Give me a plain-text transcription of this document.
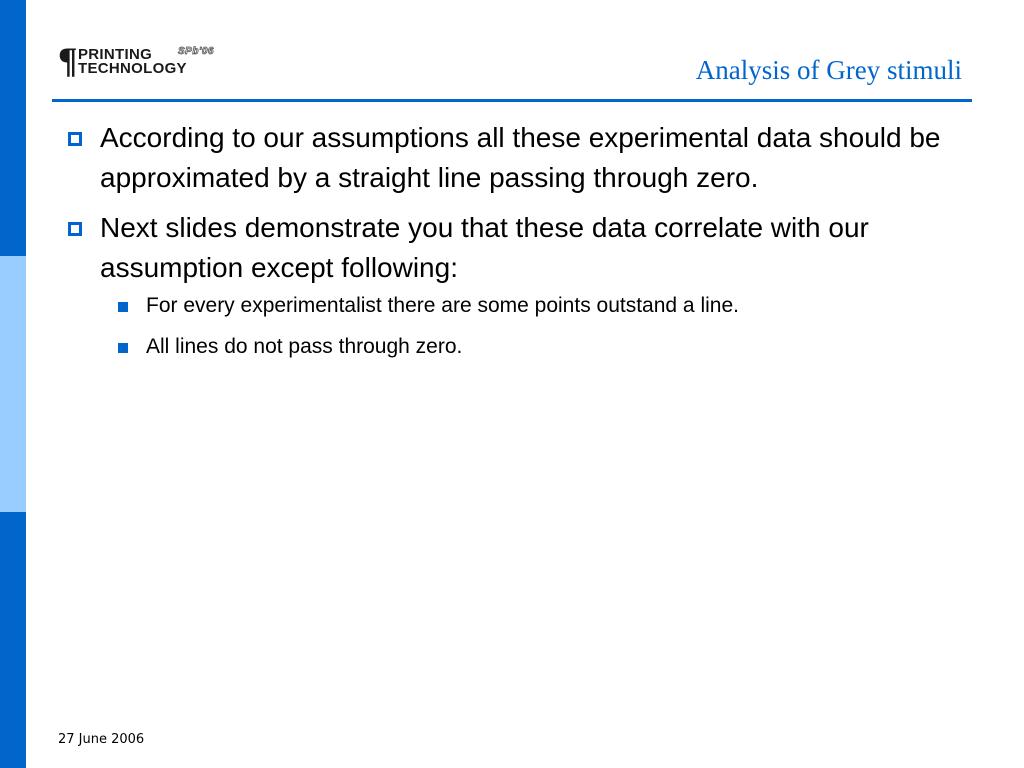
¶ PRINTING
TECHNOLOGY
SPb'06
Analysis of Grey stimuli
According to our assumptions all these experimental data should be approximated by a straight line passing through zero.
Next slides demonstrate you that these data correlate with our assumption except following:
For every experimentalist there are some points outstand a line.
All lines do not pass through zero.
27 June 2006
